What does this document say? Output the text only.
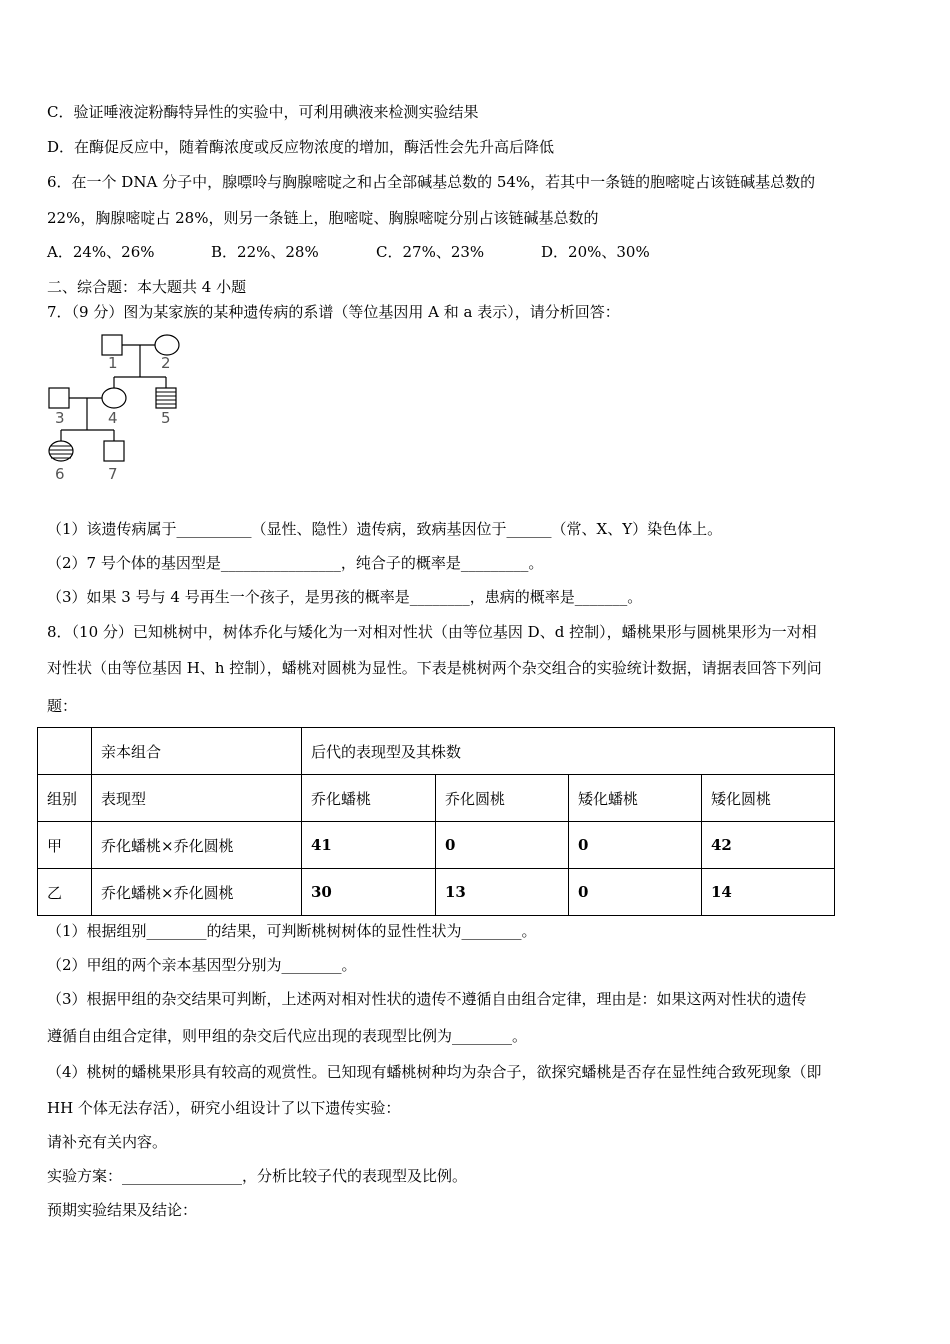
C．验证唾液淀粉酶特异性的实验中，可利用碘液来检测实验结果
D．在酶促反应中，随着酶浓度或反应物浓度的增加，酶活性会先升高后降低
6．在一个 DNA 分子中，腺嘌呤与胸腺嘧啶之和占全部碱基总数的 54%，若其中一条链的胞嘧啶占该链碱基总数的
22%，胸腺嘧啶占 28%，则另一条链上，胞嘧啶、胸腺嘧啶分别占该链碱基总数的
A．24%、26%	B．22%、28%	C．27%、23%	D．20%、30%
二、综合题：本大题共 4 小题
7．（9 分）图为某家族的某种遗传病的系谱（等位基因用 A 和 a 表示），请分析回答：
1	2
3	4	5
6	7
（1）该遗传病属于__________（显性、隐性）遗传病，致病基因位于______（常、X、Y）染色体上。
（2）7 号个体的基因型是________________，纯合子的概率是_________。
（3）如果 3 号与 4 号再生一个孩子，是男孩的概率是________，患病的概率是_______。
8．（10 分）已知桃树中，树体乔化与矮化为一对相对性状（由等位基因 D、d 控制），蟠桃果形与圆桃果形为一对相
对性状（由等位基因 H、h 控制），蟠桃对圆桃为显性。下表是桃树两个杂交组合的实验统计数据，请据表回答下列问
题：
	亲本组合	后代的表现型及其株数			
组别	表现型	乔化蟠桃	乔化圆桃	矮化蟠桃	矮化圆桃
甲	乔化蟠桃×乔化圆桃	41	0	0	42
乙	乔化蟠桃×乔化圆桃	30	13	0	14
（1）根据组别________的结果，可判断桃树树体的显性性状为________。
（2）甲组的两个亲本基因型分别为________。
（3）根据甲组的杂交结果可判断，上述两对相对性状的遗传不遵循自由组合定律，理由是：如果这两对性状的遗传
遵循自由组合定律，则甲组的杂交后代应出现的表现型比例为________。
（4）桃树的蟠桃果形具有较高的观赏性。已知现有蟠桃树种均为杂合子，欲探究蟠桃是否存在显性纯合致死现象（即
HH 个体无法存活），研究小组设计了以下遗传实验：
请补充有关内容。
实验方案：________________，分析比较子代的表现型及比例。
预期实验结果及结论：
